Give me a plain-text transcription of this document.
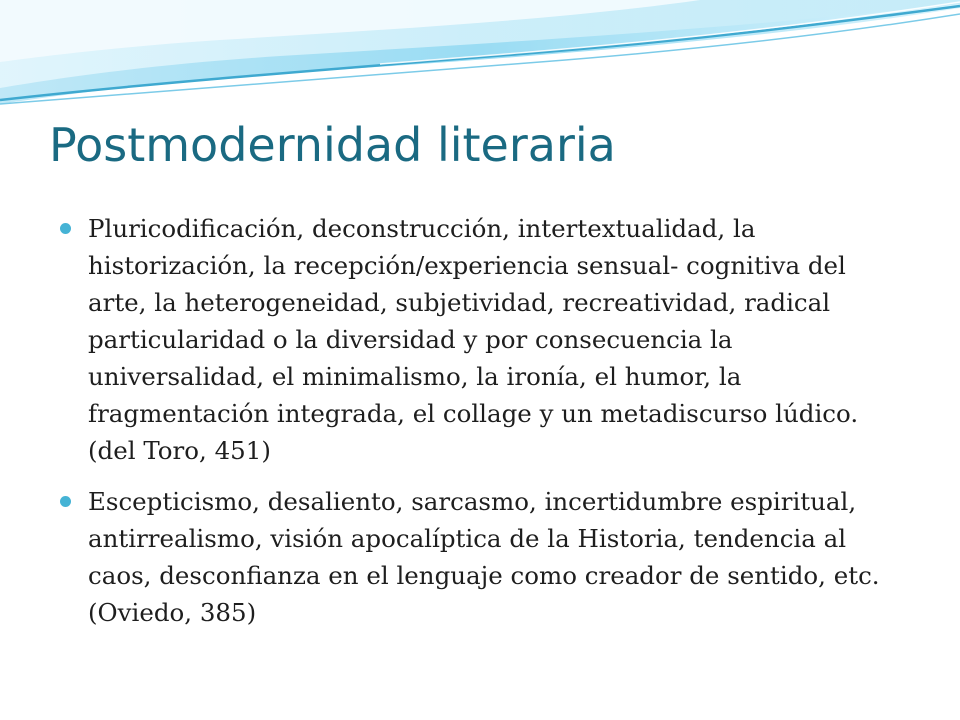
Postmodernidad literaria
Pluricodificación, deconstrucción, intertextualidad, la historización, la recepción/experiencia sensual- cognitiva del arte, la heterogeneidad, subjetividad, recreatividad, radical particularidad o la diversidad y por consecuencia la universalidad, el minimalismo, la ironía, el humor, la fragmentación integrada, el collage y un metadiscurso lúdico. (del Toro, 451)
Escepticismo, desaliento, sarcasmo, incertidumbre espiritual, antirrealismo, visión apocalíptica de la Historia, tendencia al caos, desconfianza en el lenguaje como creador de sentido, etc. (Oviedo, 385)
